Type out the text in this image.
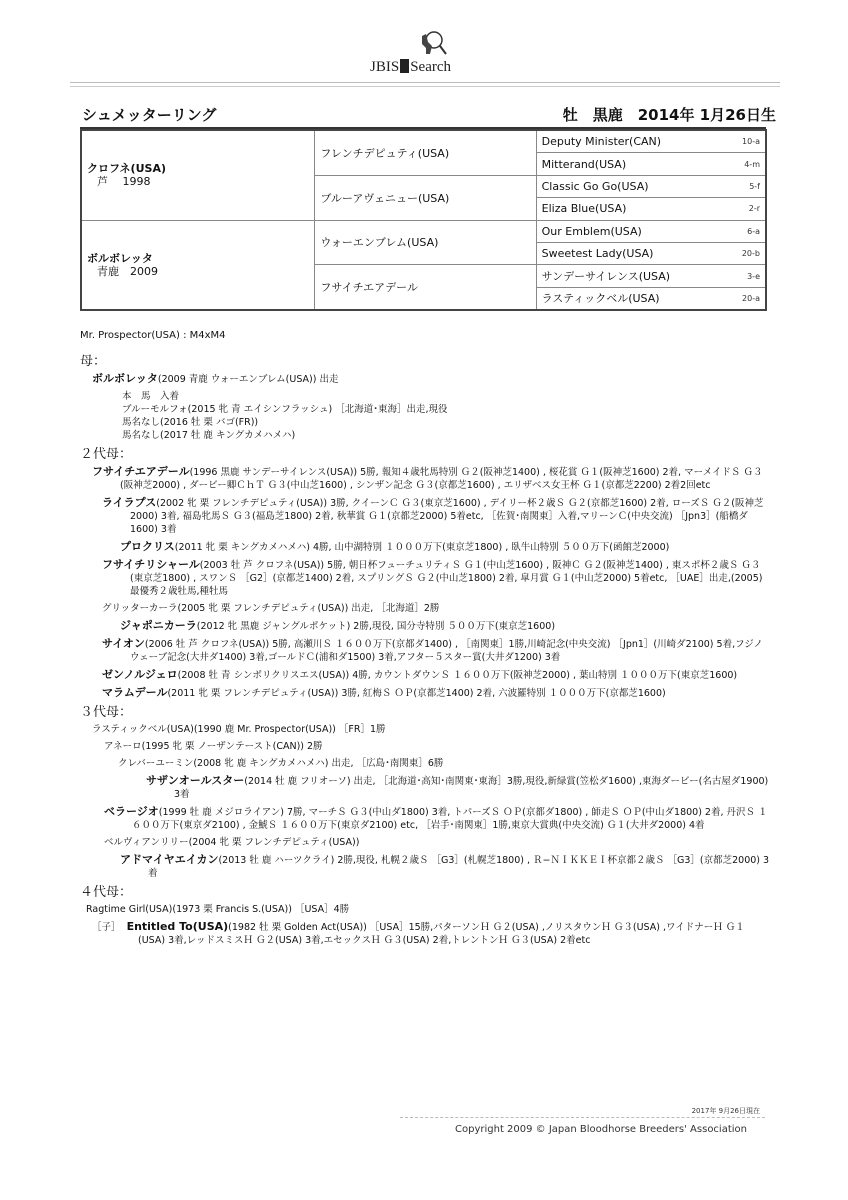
JBIS Search
シュメッターリング	牡　黒鹿　2014年 1月26日生
クロフネ(USA)
芦　 1998	フレンチデピュティ(USA)	Deputy Minister(CAN)	10-a
		Mitterand(USA)	4-m
	ブルーアヴェニュー(USA)	Classic Go Go(USA)	5-f
		Eliza Blue(USA)	2-r
ボルボレッタ
青鹿　2009	ウォーエンブレム(USA)	Our Emblem(USA)	6-a
		Sweetest Lady(USA)	20-b
	フサイチエアデール	サンデーサイレンス(USA)	3-e
		ラスティックベル(USA)	20-a
Mr. Prospector(USA) : M4xM4
母：
ボルボレッタ(2009 青鹿 ウォーエンブレム(USA)) 出走
本　馬　入着
ブルーモルフォ(2015 牝 青 エイシンフラッシュ) ［北海道･東海］出走,現役
馬名なし(2016 牡 栗 バゴ(FR))
馬名なし(2017 牡 鹿 キングカメハメハ)
２代母：
フサイチエアデール(1996 黒鹿 サンデーサイレンス(USA)) 5勝, 報知４歳牝馬特別 Ｇ２(阪神芝1400) , 桜花賞 Ｇ１(阪神芝1600) 2着, マーメイドＳ Ｇ３(阪神芝2000) , ダービー卿ＣｈＴ Ｇ３(中山芝1600) , シンザン記念 Ｇ３(京都芝1600) , エリザベス女王杯 Ｇ１(京都芝2200) 2着2回etc
ライラプス(2002 牝 栗 フレンチデピュティ(USA)) 3勝, クイーンＣ Ｇ３(東京芝1600) , デイリー杯２歳Ｓ Ｇ２(京都芝1600) 2着, ローズＳ Ｇ２(阪神芝2000) 3着, 福島牝馬Ｓ Ｇ３(福島芝1800) 2着, 秋華賞 Ｇ１(京都芝2000) 5着etc, ［佐賀･南関東］入着,マリーンＣ(中央交流) ［Jpn3］(船橋ダ1600) 3着
プロクリス(2011 牝 栗 キングカメハメハ) 4勝, 山中湖特別 １０００万下(東京芝1800) , 臥牛山特別 ５００万下(函館芝2000)
フサイチリシャール(2003 牡 芦 クロフネ(USA)) 5勝, 朝日杯フューチュリティＳ Ｇ１(中山芝1600) , 阪神Ｃ Ｇ２(阪神芝1400) , 東スポ杯２歳Ｓ Ｇ３(東京芝1800) , スワンＳ ［G2］(京都芝1400) 2着, スプリングＳ Ｇ２(中山芝1800) 2着, 皐月賞 Ｇ１(中山芝2000) 5着etc, ［UAE］出走,(2005) 最優秀２歳牡馬,種牡馬
グリッターカーラ(2005 牝 栗 フレンチデピュティ(USA)) 出走, ［北海道］2勝
ジャポニカーラ(2012 牝 黒鹿 ジャングルポケット) 2勝,現役, 国分寺特別 ５００万下(東京芝1600)
サイオン(2006 牡 芦 クロフネ(USA)) 5勝, 高瀬川Ｓ １６００万下(京都ダ1400) , ［南関東］1勝,川崎記念(中央交流) ［Jpn1］(川崎ダ2100) 5着,フジノウェーブ記念(大井ダ1400) 3着,ゴールドＣ(浦和ダ1500) 3着,アフター５スター賞(大井ダ1200) 3着
ゼンノルジェロ(2008 牡 青 シンボリクリスエス(USA)) 4勝, カウントダウンＳ １６００万下(阪神芝2000) , 葉山特別 １０００万下(東京芝1600)
マラムデール(2011 牝 栗 フレンチデピュティ(USA)) 3勝, 紅梅Ｓ ＯＰ(京都芝1400) 2着, 六波羅特別 １０００万下(京都芝1600)
３代母：
ラスティックベル(USA)(1990 鹿 Mr. Prospector(USA)) ［FR］1勝
アネーロ(1995 牝 栗 ノーザンテースト(CAN)) 2勝
クレバーユーミン(2008 牝 鹿 キングカメハメハ) 出走, ［広島･南関東］6勝
サザンオールスター(2014 牡 鹿 フリオーソ) 出走, ［北海道･高知･南関東･東海］3勝,現役,新緑賞(笠松ダ1600) ,東海ダービー(名古屋ダ1900) 3着
ベラージオ(1999 牡 鹿 メジロライアン) 7勝, マーチＳ Ｇ３(中山ダ1800) 3着, トパーズＳ ＯＰ(京都ダ1800) , 師走Ｓ ＯＰ(中山ダ1800) 2着, 丹沢Ｓ １６００万下(東京ダ2100) , 金鯱Ｓ １６００万下(東京ダ2100) etc, ［岩手･南関東］1勝,東京大賞典(中央交流) Ｇ１(大井ダ2000) 4着
ベルヴィアンリリー(2004 牝 栗 フレンチデピュティ(USA))
アドマイヤエイカン(2013 牡 鹿 ハーツクライ) 2勝,現役, 札幌２歳Ｓ ［G3］(札幌芝1800) , Ｒ−ＮＩＫＫＥＩ杯京都２歳Ｓ ［G3］(京都芝2000) 3着
４代母：
Ragtime Girl(USA)(1973 栗 Francis S.(USA)) ［USA］4勝
［子］ Entitled To(USA)(1982 牡 栗 Golden Act(USA)) ［USA］15勝,パターソンＨ Ｇ２(USA) ,ノリスタウンＨ Ｇ３(USA) ,ワイドナーＨ Ｇ１(USA) 3着,レッドスミスＨ Ｇ２(USA) 3着,エセックスＨ Ｇ３(USA) 2着,トレントンＨ Ｇ３(USA) 2着etc
2017年 9月26日現在
Copyright 2009 © Japan Bloodhorse Breeders' Association
